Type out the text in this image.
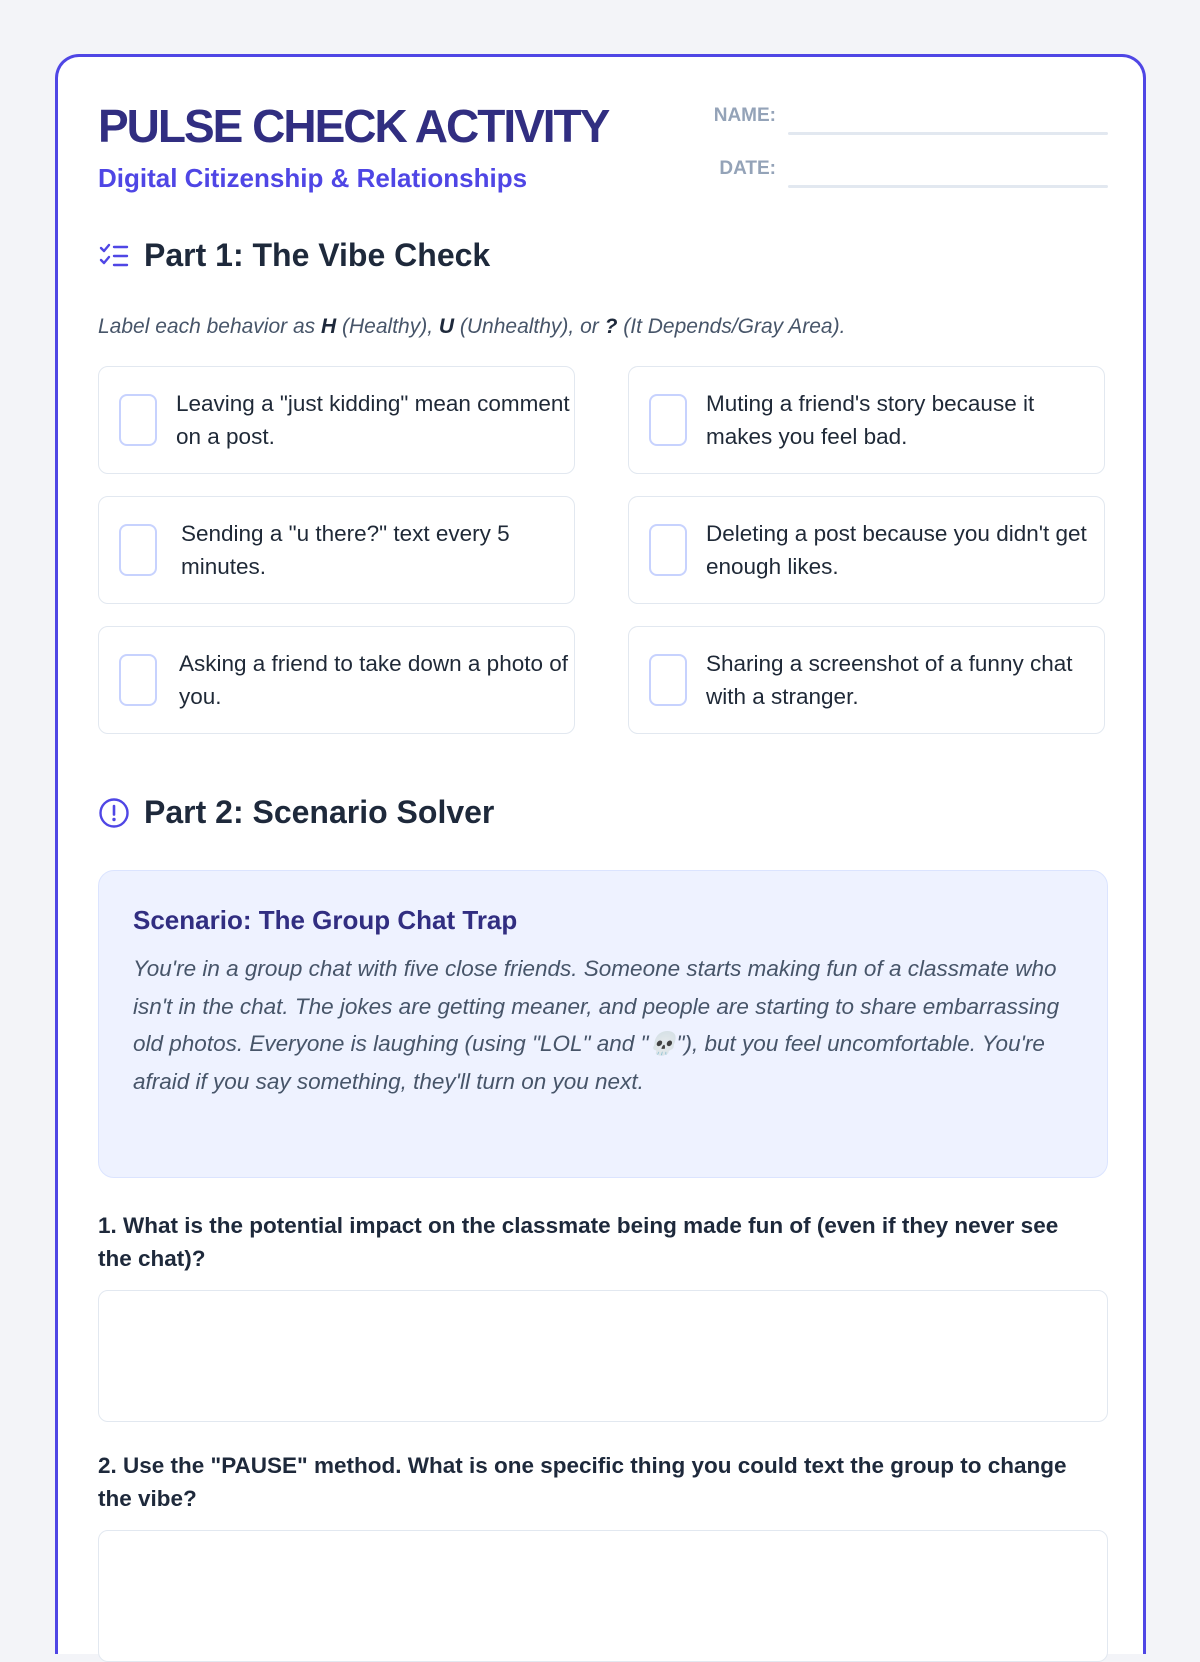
PULSE CHECK ACTIVITY
Digital Citizenship & Relationships
NAME:
DATE:
Part 1: The Vibe Check
Label each behavior as H (Healthy), U (Unhealthy), or ? (It Depends/Gray Area).
Leaving a "just kidding" mean comment on a post.
Muting a friend's story because it makes you feel bad.
Sending a "u there?" text every 5 minutes.
Deleting a post because you didn't get enough likes.
Asking a friend to take down a photo of you.
Sharing a screenshot of a funny chat with a stranger.
Part 2: Scenario Solver
Scenario: The Group Chat Trap
You're in a group chat with five close friends. Someone starts making fun of a classmate who isn't in the chat. The jokes are getting meaner, and people are starting to share embarrassing old photos. Everyone is laughing (using "LOL" and "💀"), but you feel uncomfortable. You're afraid if you say something, they'll turn on you next.
1. What is the potential impact on the classmate being made fun of (even if they never see the chat)?
2. Use the "PAUSE" method. What is one specific thing you could text the group to change the vibe?
